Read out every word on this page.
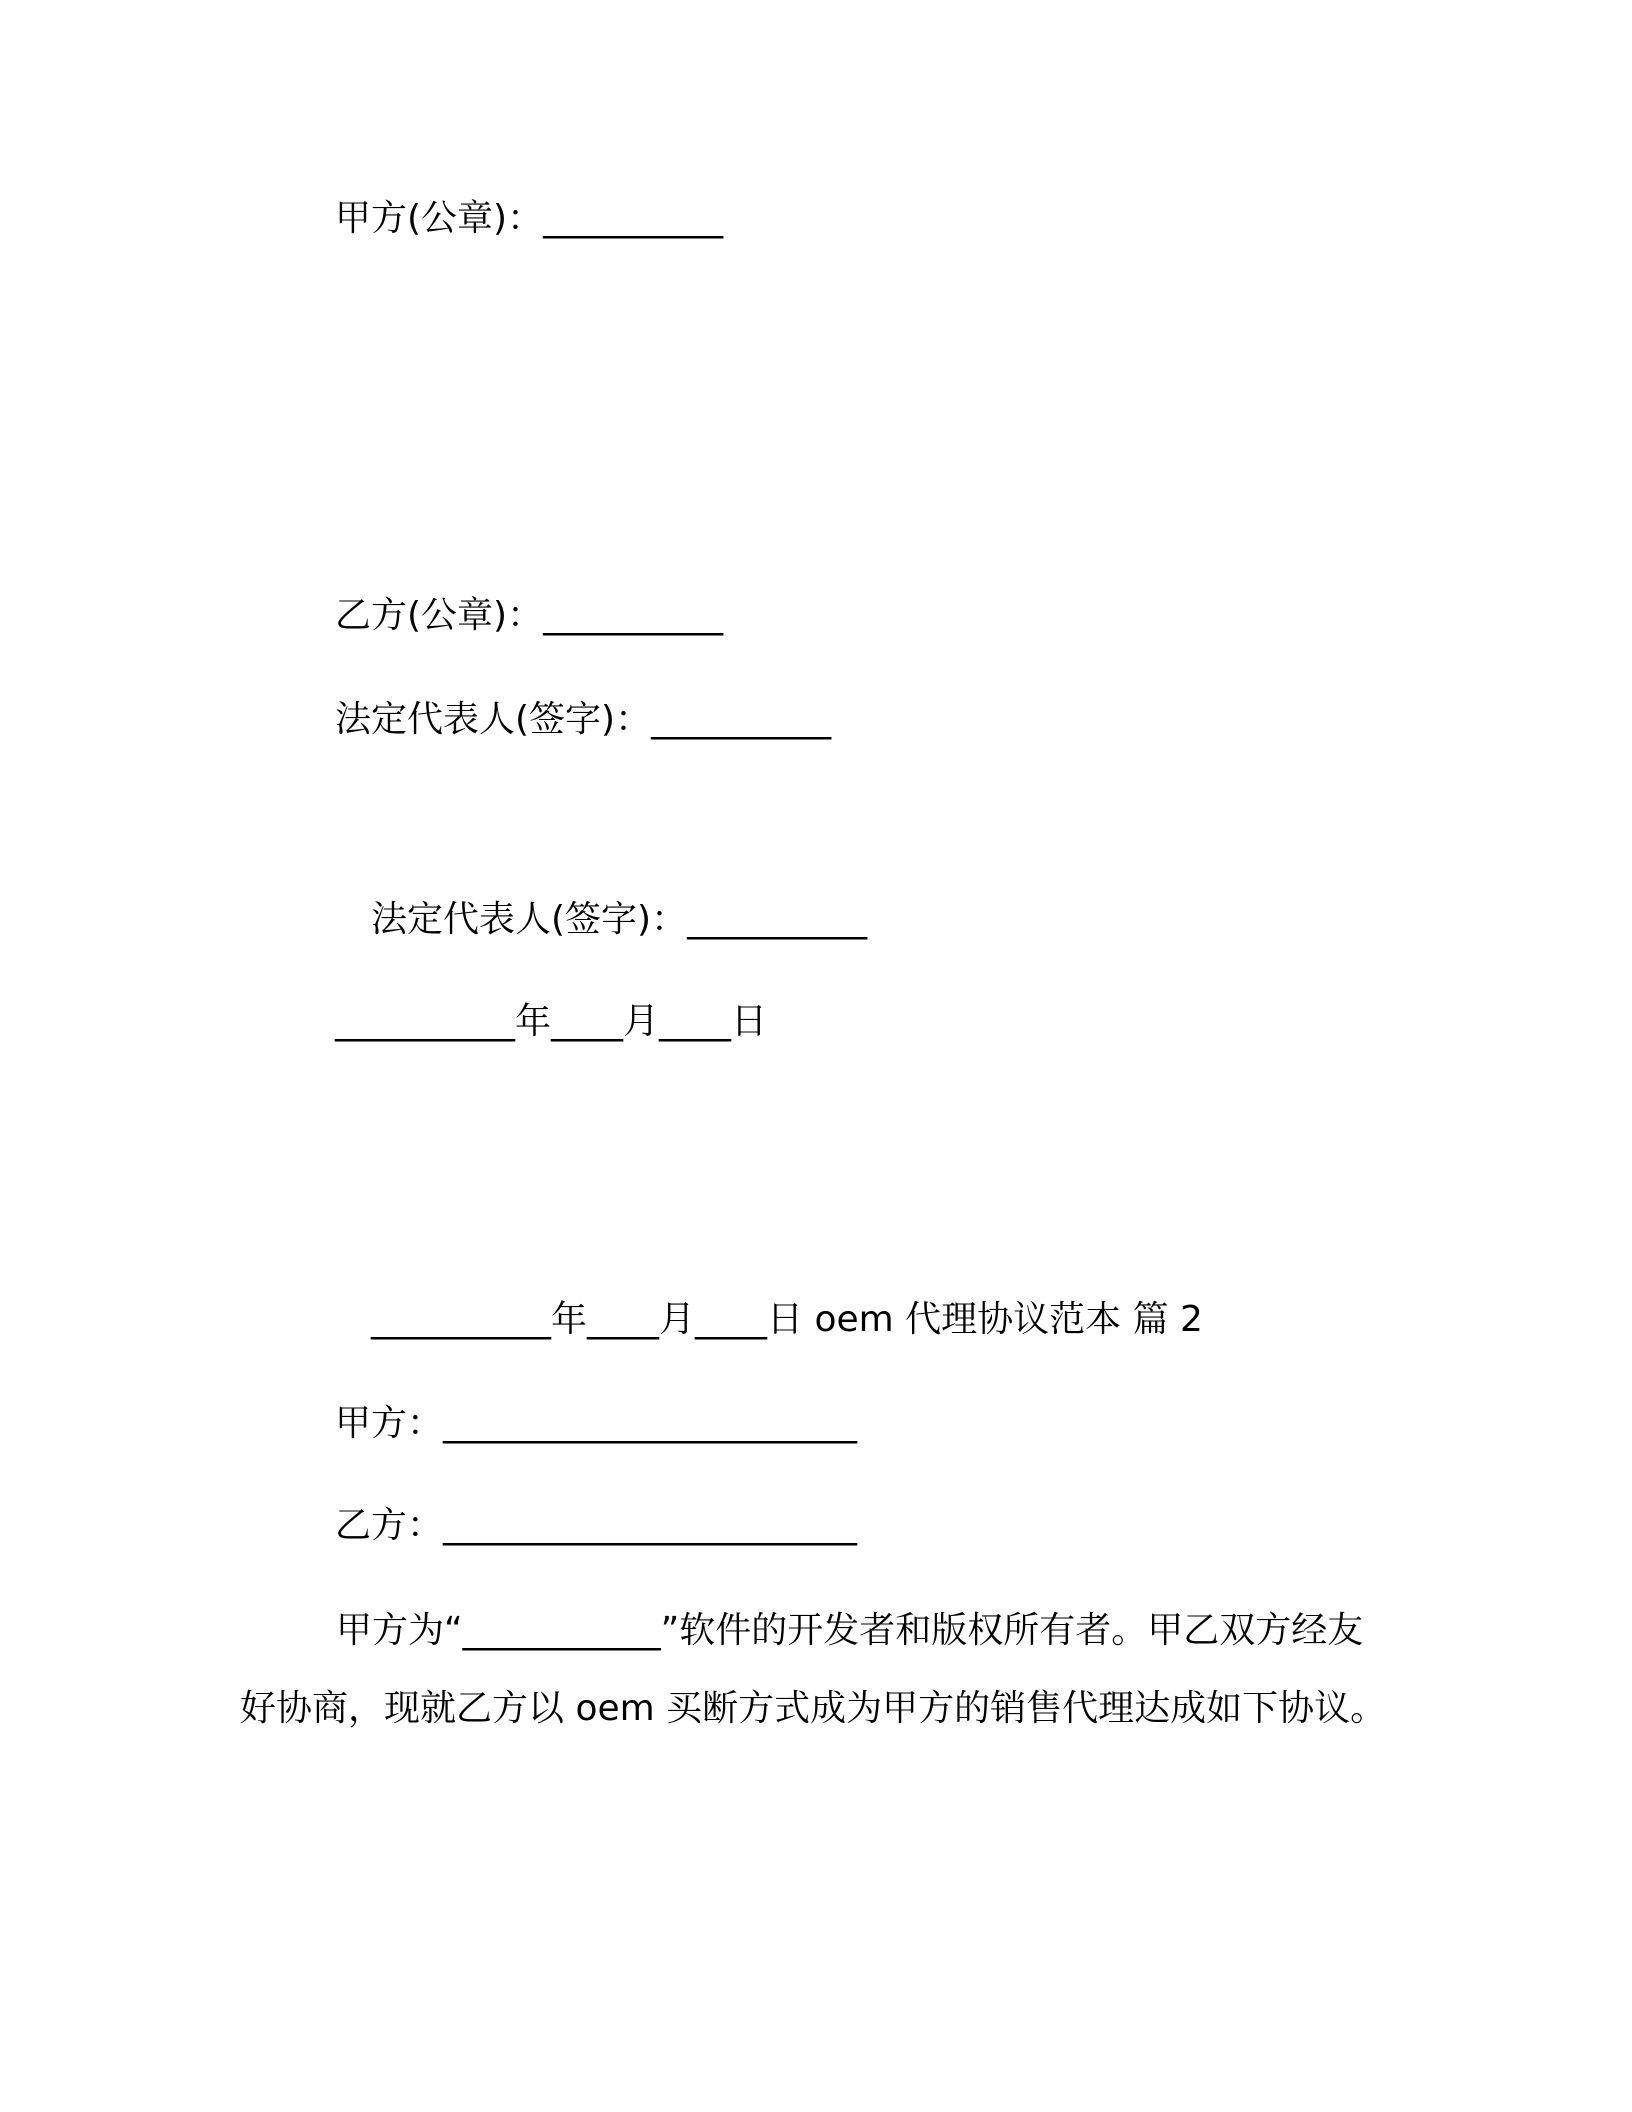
甲方(公章)：__________
乙方(公章)：__________
法定代表人(签字)：__________
法定代表人(签字)：__________
__________年____月____日
__________年____月____日 oem 代理协议范本 篇 2
甲方：_______________________
乙方：_______________________
甲方为“___________”软件的开发者和版权所有者。甲乙双方经友好协商，现就乙方以 oem 买断方式成为甲方的销售代理达成如下协议。
